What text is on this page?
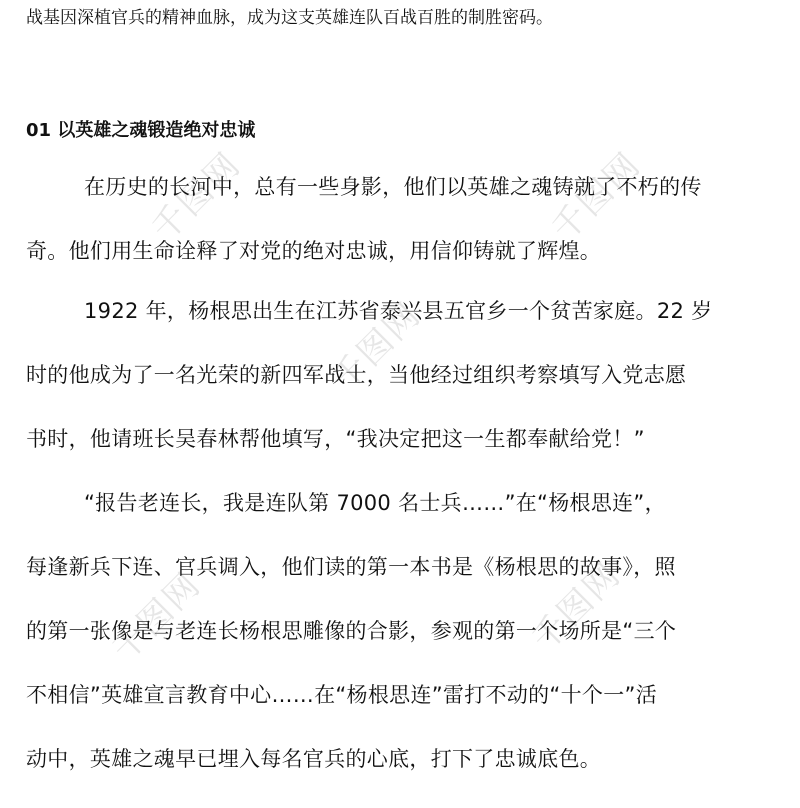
千图网	千图网
千图网
千图网	千图网
战基因深植官兵的精神血脉，成为这支英雄连队百战百胜的制胜密码。
01 以英雄之魂锻造绝对忠诚
在历史的长河中，总有一些身影，他们以英雄之魂铸就了不朽的传
奇。他们用生命诠释了对党的绝对忠诚，用信仰铸就了辉煌。
1922 年，杨根思出生在江苏省泰兴县五官乡一个贫苦家庭。22 岁
时的他成为了一名光荣的新四军战士，当他经过组织考察填写入党志愿
书时，他请班长吴春林帮他填写，“我决定把这一生都奉献给党！”
“报告老连长，我是连队第 7000 名士兵……”在“杨根思连”，
每逢新兵下连、官兵调入，他们读的第一本书是《杨根思的故事》，照
的第一张像是与老连长杨根思雕像的合影，参观的第一个场所是“三个
不相信”英雄宣言教育中心……在“杨根思连”雷打不动的“十个一”活
动中，英雄之魂早已埋入每名官兵的心底，打下了忠诚底色。
